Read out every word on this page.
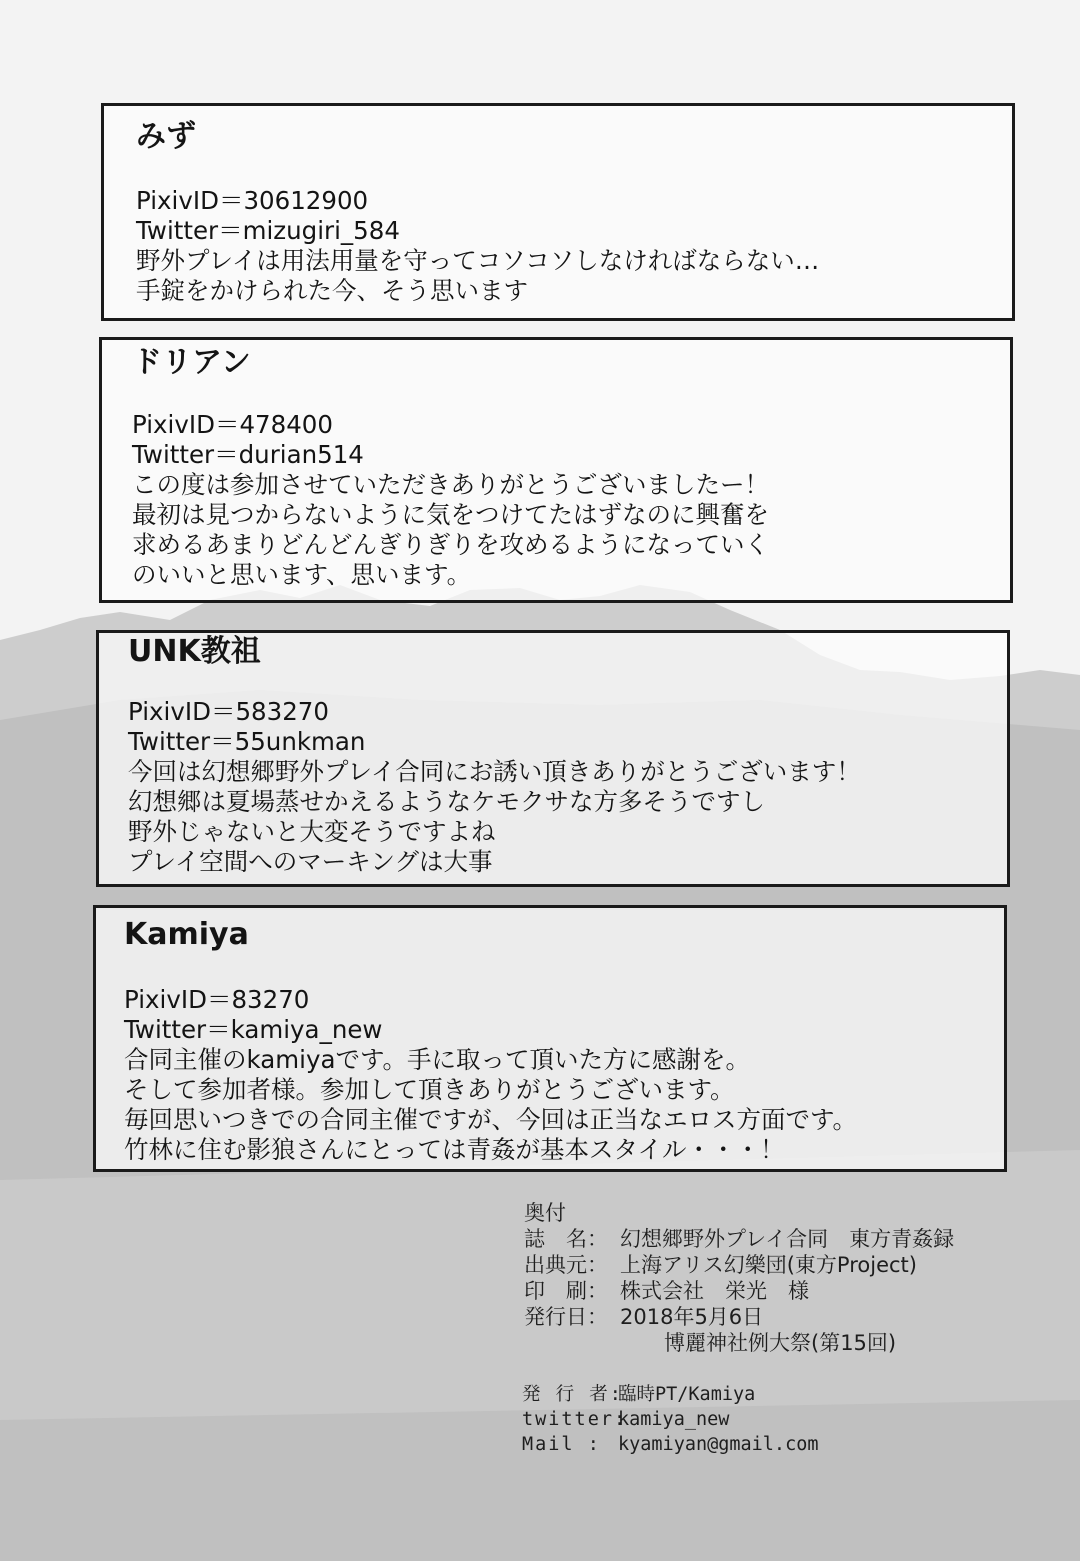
みず
PixivID＝30612900
Twitter＝mizugiri_584
野外プレイは用法用量を守ってコソコソしなければならない…
手錠をかけられた今、そう思います
ドリアン
PixivID＝478400
Twitter＝durian514
この度は参加させていただきありがとうございましたー！
最初は見つからないように気をつけてたはずなのに興奮を
求めるあまりどんどんぎりぎりを攻めるようになっていく
のいいと思います、思います。
UNK教祖
PixivID＝583270
Twitter＝55unkman
今回は幻想郷野外プレイ合同にお誘い頂きありがとうございます！
幻想郷は夏場蒸せかえるようなケモクサな方多そうですし
野外じゃないと大変そうですよね
プレイ空間へのマーキングは大事
Kamiya
PixivID＝83270
Twitter＝kamiya_new
合同主催のkamiyaです。手に取って頂いた方に感謝を。
そして参加者様。参加して頂きありがとうございます。
毎回思いつきでの合同主催ですが、今回は正当なエロス方面です。
竹林に住む影狼さんにとっては青姦が基本スタイル・・・！
奥付
誌　名： 幻想郷野外プレイ合同　東方青姦録
出典元： 上海アリス幻樂団(東方Project)
印　刷： 株式会社　栄光　様
発行日： 2018年5月6日
博麗神社例大祭(第15回)
発 行 者:臨時PT/Kamiya
twitter:kamiya_new
Mail : kyamiyan@gmail.com
